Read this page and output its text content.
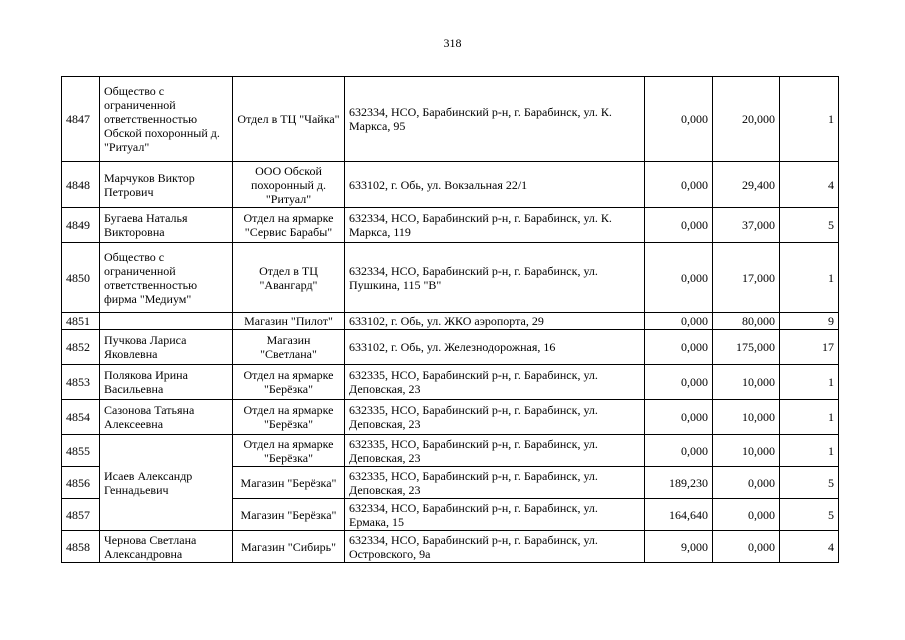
318
4847	Общество с ограниченной ответственностью Обской похоронный д. "Ритуал"	Отдел в ТЦ "Чайка"	632334, НСО, Барабинский р-н, г. Барабинск, ул. К. Маркса, 95	0,000	20,000	1
4848	Марчуков Виктор Петрович	ООО Обской похоронный д. "Ритуал"	633102, г. Обь, ул. Вокзальная 22/1	0,000	29,400	4
4849	Бугаева Наталья Викторовна	Отдел на ярмарке "Сервис Барабы"	632334, НСО, Барабинский р-н, г. Барабинск, ул. К. Маркса, 119	0,000	37,000	5
4850	Общество с ограниченной ответственностью фирма "Медиум"	Отдел в ТЦ "Авангард"	632334, НСО, Барабинский р-н, г. Барабинск, ул. Пушкина, 115 "В"	0,000	17,000	1
4851		Магазин "Пилот"	633102, г. Обь, ул. ЖКО аэропорта, 29	0,000	80,000	9
4852	Пучкова Лариса Яковлевна	Магазин "Светлана"	633102, г. Обь, ул. Железнодорожная, 16	0,000	175,000	17
4853	Полякова Ирина Васильевна	Отдел на ярмарке "Берёзка"	632335, НСО, Барабинский р-н, г. Барабинск, ул. Деповская, 23	0,000	10,000	1
4854	Сазонова Татьяна Алексеевна	Отдел на ярмарке "Берёзка"	632335, НСО, Барабинский р-н, г. Барабинск, ул. Деповская, 23	0,000	10,000	1
4855	Исаев Александр Геннадьевич	Отдел на ярмарке "Берёзка"	632335, НСО, Барабинский р-н, г. Барабинск, ул. Деповская, 23	0,000	10,000	1
4856		Магазин "Берёзка"	632335, НСО, Барабинский р-н, г. Барабинск, ул. Деповская, 23	189,230	0,000	5
4857		Магазин "Берёзка"	632334, НСО, Барабинский р-н, г. Барабинск, ул. Ермака, 15	164,640	0,000	5
4858	Чернова Светлана Александровна	Магазин "Сибирь"	632334, НСО, Барабинский р-н, г. Барабинск, ул. Островского, 9а	9,000	0,000	4
